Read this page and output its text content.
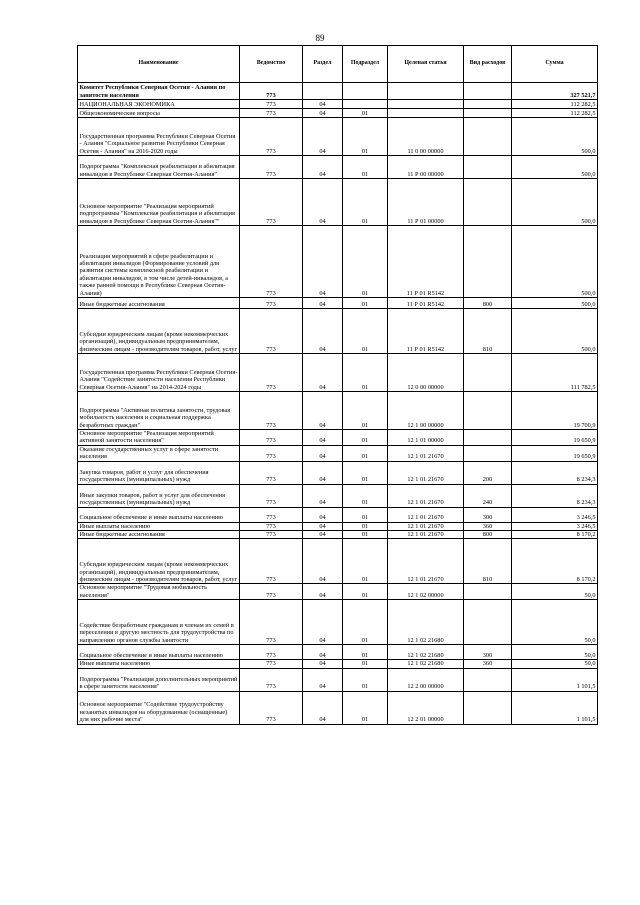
89
Наименование	Ведомство	Раздел	Подраздел	Целевая статья	Вид расходов	Сумма
Комитет Республики Северная Осетия - Алания по занятости населения	773					327 521,7
НАЦИОНАЛЬНАЯ ЭКОНОМИКА	773	04				112 282,5
Общеэкономические вопросы	773	04	01			112 282,5
Государственная программа Республики Северная Осетия - Алания "Социальное развитие Республики Северная Осетия - Алания" на 2016-2020 годы	773	04	01	11 0 00 00000		500,0
Подпрограмма "Комплексная реабилитация и абилитация инвалидов в Республике Северная Осетия-Алания"	773	04	01	11 Р 00 00000		500,0
Основное мероприятие "Реализация мероприятий подпрограммы "Комплексная реабилитация и абилитация инвалидов в Республике Северная Осетия-Алания""	773	04	01	11 Р 01 00000		500,0
Реализация мероприятий в сфере реабилитации и абилитации инвалидов (Формирование условий для развития системы комплексной реабилитации и абилитации инвалидов, в том числе детей-инвалидов, а также ранней помощи в Республике Северная Осетия-Алания)	773	04	01	11 Р 01 R5142		500,0
Иные бюджетные ассигнования	773	04	01	11 Р 01 R5142	800	500,0
Субсидии юридическим лицам (кроме некоммерческих организаций), индивидуальным предпринимателям, физическим лицам - производителям товаров, работ, услуг	773	04	01	11 Р 01 R5142	810	500,0
Государственная программа Республики Северная Осетия-Алания "Содействие занятости населения Республики Северная Осетия-Алания" на 2014-2024 годы	773	04	01	12 0 00 00000		111 782,5
Подпрограмма "Активная политика занятости, трудовая мобильность населения и социальная поддержка безработных граждан"	773	04	01	12 1 00 00000		19 700,9
Основное мероприятие "Реализация мероприятий активной занятости населения"	773	04	01	12 1 01 00000		19 650,9
Оказание государственных услуг в сфере занятости населения	773	04	01	12 1 01 21670		19 650,9
Закупка товаров, работ и услуг для обеспечения государственных (муниципальных) нужд	773	04	01	12 1 01 21670	200	8 234,3
Иные закупки товаров, работ и услуг для обеспечения государственных (муниципальных) нужд	773	04	01	12 1 01 21670	240	8 234,3
Социальное обеспечение и иные выплаты населению	773	04	01	12 1 01 21670	300	3 246,5
Иные выплаты населению	773	04	01	12 1 01 21670	360	3 246,5
Иные бюджетные ассигнования	773	04	01	12 1 01 21670	800	8 170,2
Субсидии юридическим лицам (кроме некоммерческих организаций), индивидуальным предпринимателям, физическим лицам - производителям товаров, работ, услуг	773	04	01	12 1 01 21670	810	8 170,2
Основное мероприятие "Трудовая мобильность населения"	773	04	01	12 1 02 00000		50,0
Содействие безработным гражданам и членам их семей в переселении в другую местность для трудоустройства по направлению органов службы занятости	773	04	01	12 1 02 21680		50,0
Социальное обеспечение и иные выплаты населению	773	04	01	12 1 02 21680	300	50,0
Иные выплаты населению	773	04	01	12 1 02 21680	360	50,0
Подпрограмма "Реализация дополнительных мероприятий в сфере занятости населения"	773	04	01	12 2 00 00000		1 101,5
Основное мероприятие "Содействие трудоустройству незанятых инвалидов на оборудованные (оснащенные) для них рабочие места"	773	04	01	12 2 01 00000		1 101,5
